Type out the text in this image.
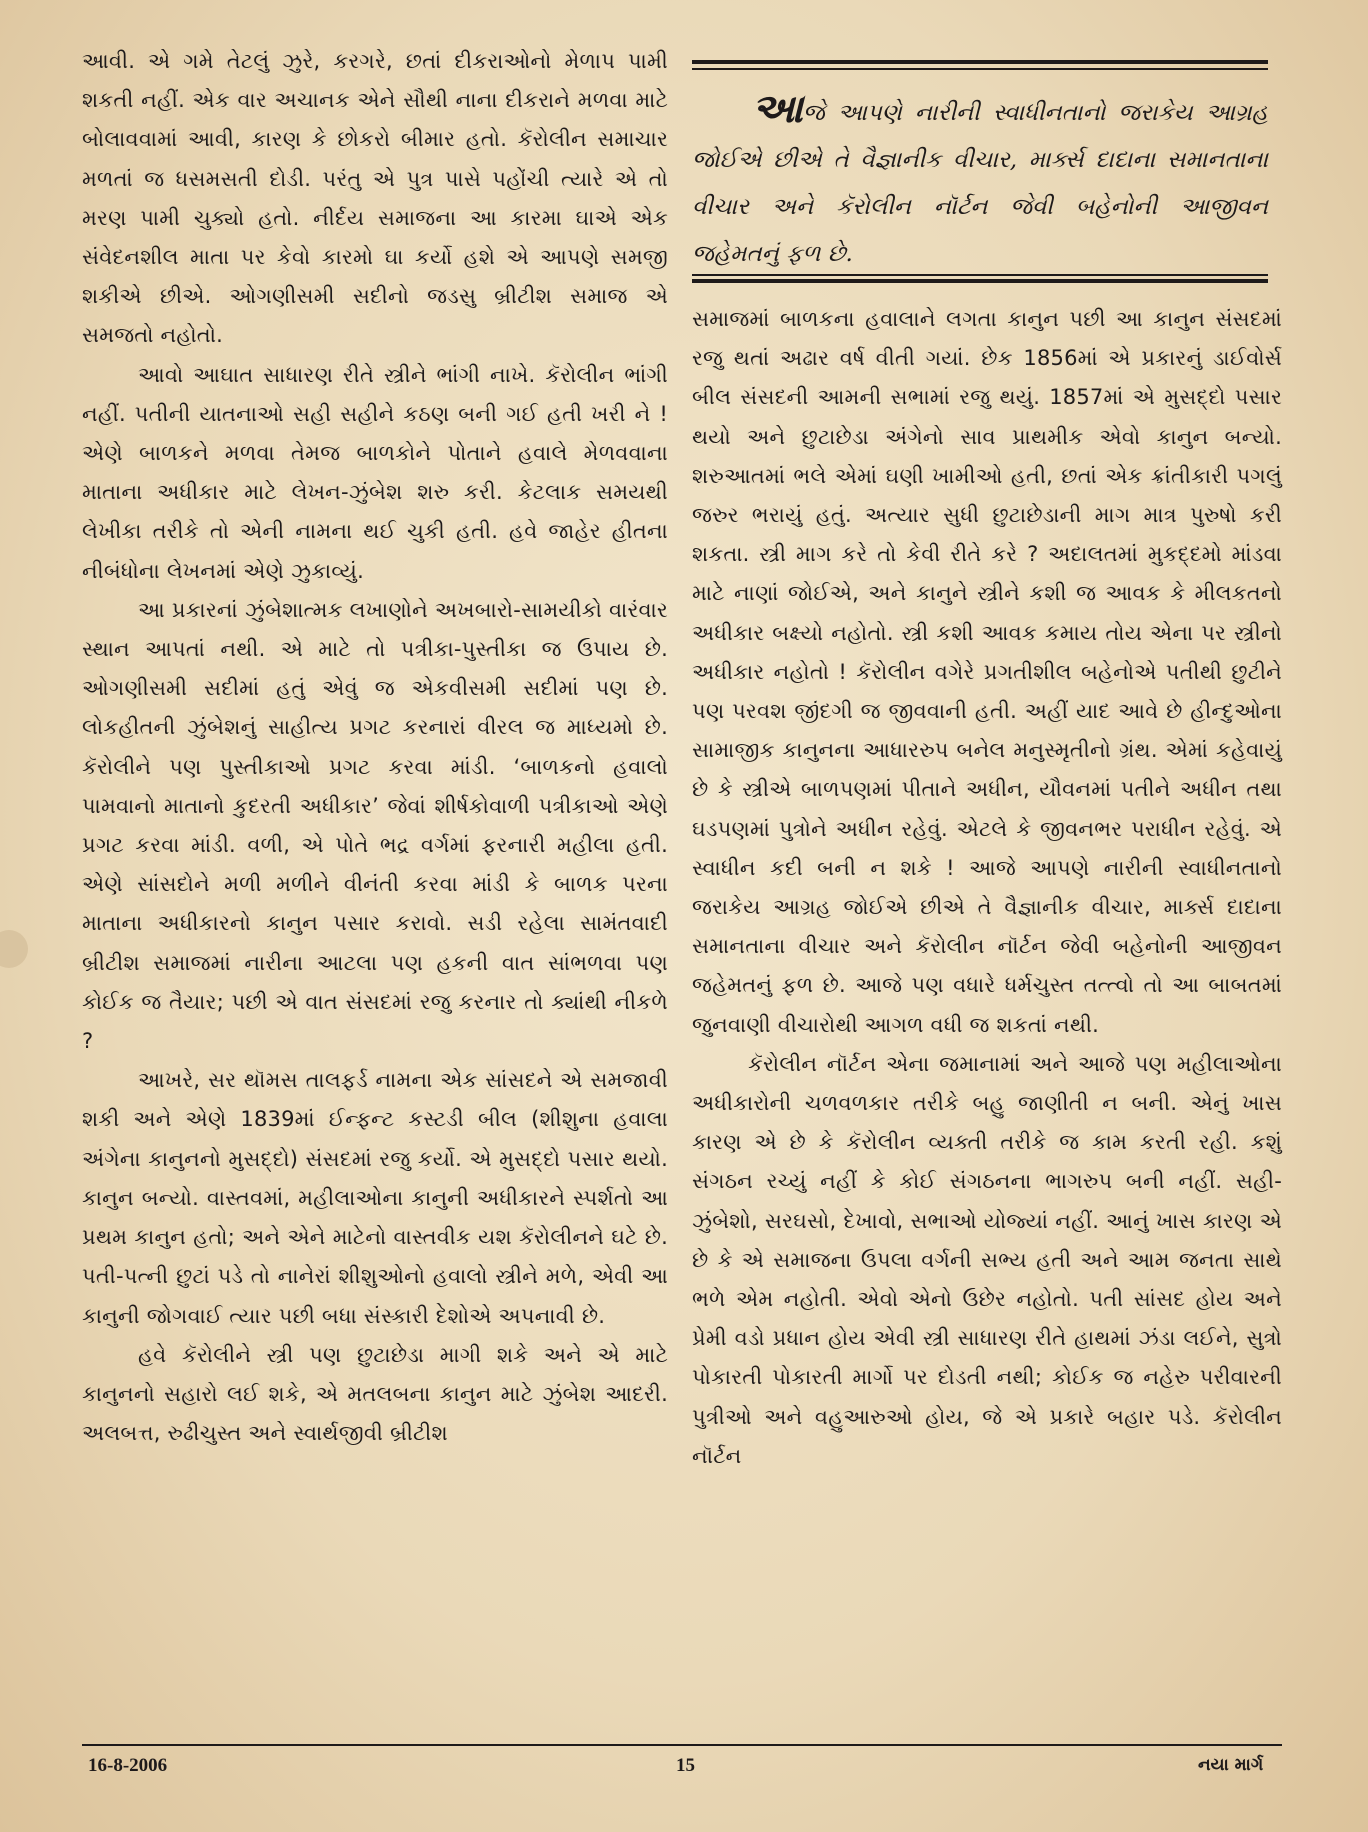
આવી. એ ગમે તેટલું ઝુરે, કરગરે, છતાં દીકરાઓનો મેળાપ પામી શકતી નહીં. એક વાર અચાનક એને સૌથી નાના દીકરાને મળવા માટે બોલાવવામાં આવી, કારણ કે છોકરો બીમાર હતો. કૅરોલીન સમાચાર મળતાં જ ધસમસતી દોડી. પરંતુ એ પુત્ર પાસે પહોંચી ત્યારે એ તો મરણ પામી ચુક્યો હતો. નીર્દય સમાજના આ કારમા ઘાએ એક સંવેદનશીલ માતા પર કેવો કારમો ઘા કર્યો હશે એ આપણે સમજી શકીએ છીએ. ઓગણીસમી સદીનો જડસુ બ્રીટીશ સમાજ એ સમજતો નહોતો.

આવો આઘાત સાધારણ રીતે સ્ત્રીને ભાંગી નાખે. કૅરોલીન ભાંગી નહીં. પતીની યાતનાઓ સહી સહીને કઠણ બની ગઈ હતી ખરી ને ! એણે બાળકને મળવા તેમજ બાળકોને પોતાને હવાલે મેળવવાના માતાના અધીકાર માટે લેખન-ઝુંબેશ શરુ કરી. કેટલાક સમયથી લેખીકા તરીકે તો એની નામના થઈ ચુકી હતી. હવે જાહેર હીતના નીબંધોના લેખનમાં એણે ઝુકાવ્યું.

આ પ્રકારનાં ઝુંબેશાત્મક લખાણોને અખબારો-સામયીકો વારંવાર સ્થાન આપતાં નથી. એ માટે તો પત્રીકા-પુસ્તીકા જ ઉપાય છે. ઓગણીસમી સદીમાં હતું એવું જ એકવીસમી સદીમાં પણ છે. લોકહીતની ઝુંબેશનું સાહીત્ય પ્રગટ કરનારાં વીરલ જ માધ્યમો છે. કૅરોલીને પણ પુસ્તીકાઓ પ્રગટ કરવા માંડી. ‘બાળકનો હવાલો પામવાનો માતાનો કુદરતી અધીકાર’ જેવાં શીર્ષકોવાળી પત્રીકાઓ એણે પ્રગટ કરવા માંડી. વળી, એ પોતે ભદ્ર વર્ગમાં ફરનારી મહીલા હતી. એણે સાંસદોને મળી મળીને વીનંતી કરવા માંડી કે બાળક પરના માતાના અધીકારનો કાનુન પસાર કરાવો. સડી રહેલા સામંતવાદી બ્રીટીશ સમાજમાં નારીના આટલા પણ હકની વાત સાંભળવા પણ કોઈક જ તૈયાર; પછી એ વાત સંસદમાં રજુ કરનાર તો ક્યાંથી નીકળે ?

આખરે, સર થૉમસ તાલફર્ડ નામના એક સાંસદને એ સમજાવી શકી અને એણે 1839માં ઈન્ફન્ટ કસ્ટડી બીલ (શીશુના હવાલા અંગેના કાનુનનો મુસદ્દો) સંસદમાં રજુ કર્યો. એ મુસદ્દો પસાર થયો. કાનુન બન્યો. વાસ્તવમાં, મહીલાઓના કાનુની અધીકારને સ્પર્શતો આ પ્રથમ કાનુન હતો; અને એને માટેનો વાસ્તવીક યશ કૅરોલીનને ઘટે છે. પતી-પત્ની છુટાં પડે તો નાનેરાં શીશુઓનો હવાલો સ્ત્રીને મળે, એવી આ કાનુની જોગવાઈ ત્યાર પછી બધા સંસ્કારી દેશોએ અપનાવી છે.

હવે કૅરોલીને સ્ત્રી પણ છુટાછેડા માગી શકે અને એ માટે કાનુનનો સહારો લઈ શકે, એ મતલબના કાનુન માટે ઝુંબેશ આદરી. અલબત્ત, રુઢીચુસ્ત અને સ્વાર્થજીવી બ્રીટીશ

આજે આપણે નારીની સ્વાધીનતાનો જરાકેય આગ્રહ જોઈએ છીએ તે વૈજ્ઞાનીક વીચાર, માર્ક્સ દાદાના સમાનતાના વીચાર અને કૅરોલીન નૉર્ટન જેવી બહેનોની આજીવન જહેમતનું ફળ છે.

સમાજમાં બાળકના હવાલાને લગતા કાનુન પછી આ કાનુન સંસદમાં રજુ થતાં અઢાર વર્ષ વીતી ગયાં. છેક 1856માં એ પ્રકારનું ડાઈવોર્સ બીલ સંસદની આમની સભામાં રજુ થયું. 1857માં એ મુસદ્દો પસાર થયો અને છુટાછેડા અંગેનો સાવ પ્રાથમીક એવો કાનુન બન્યો. શરુઆતમાં ભલે એમાં ઘણી ખામીઓ હતી, છતાં એક ક્રાંતીકારી પગલું જરુર ભરાયું હતું. અત્યાર સુધી છુટાછેડાની માગ માત્ર પુરુષો કરી શકતા. સ્ત્રી માગ કરે તો કેવી રીતે કરે ? અદાલતમાં મુકદ્દમો માંડવા માટે નાણાં જોઈએ, અને કાનુને સ્ત્રીને કશી જ આવક કે મીલકતનો અધીકાર બક્ષ્યો નહોતો. સ્ત્રી કશી આવક કમાય તોય એના પર સ્ત્રીનો અધીકાર નહોતો ! કૅરોલીન વગેરે પ્રગતીશીલ બહેનોએ પતીથી છુટીને પણ પરવશ જીંદગી જ જીવવાની હતી. અહીં યાદ આવે છે હીન્દુઓના સામાજીક કાનુનના આધારરુપ બનેલ મનુસ્મૃતીનો ગ્રંથ. એમાં કહેવાયું છે કે સ્ત્રીએ બાળપણમાં પીતાને અધીન, યૌવનમાં પતીને અધીન તથા ઘડપણમાં પુત્રોને અધીન રહેવું. એટલે કે જીવનભર પરાધીન રહેવું. એ સ્વાધીન કદી બની ન શકે ! આજે આપણે નારીની સ્વાધીનતાનો જરાકેય આગ્રહ જોઈએ છીએ તે વૈજ્ઞાનીક વીચાર, માર્ક્સ દાદાના સમાનતાના વીચાર અને કૅરોલીન નૉર્ટન જેવી બહેનોની આજીવન જહેમતનું ફળ છે. આજે પણ વધારે ધર્મચુસ્ત તત્ત્વો તો આ બાબતમાં જુનવાણી વીચારોથી આગળ વધી જ શકતાં નથી.

કૅરોલીન નૉર્ટન એના જમાનામાં અને આજે પણ મહીલાઓના અધીકારોની ચળવળકાર તરીકે બહુ જાણીતી ન બની. એનું ખાસ કારણ એ છે કે કૅરોલીન વ્યક્તી તરીકે જ કામ કરતી રહી. કશું સંગઠન રચ્યું નહીં કે કોઈ સંગઠનના ભાગરુપ બની નહીં. સહી-ઝુંબેશો, સરઘસો, દેખાવો, સભાઓ યોજ્યાં નહીં. આનું ખાસ કારણ એ છે કે એ સમાજના ઉપલા વર્ગની સભ્ય હતી અને આમ જનતા સાથે ભળે એમ નહોતી. એવો એનો ઉછેર નહોતો. પતી સાંસદ હોય અને પ્રેમી વડો પ્રધાન હોય એવી સ્ત્રી સાધારણ રીતે હાથમાં ઝંડા લઈને, સુત્રો પોકારતી પોકારતી માર્ગો પર દોડતી નથી; કોઈક જ નહેરુ પરીવારની પુત્રીઓ અને વહુઆરુઓ હોય, જે એ પ્રકારે બહાર પડે. કૅરોલીન નૉર્ટન

16-8-2006	15	નયા માર્ગ
